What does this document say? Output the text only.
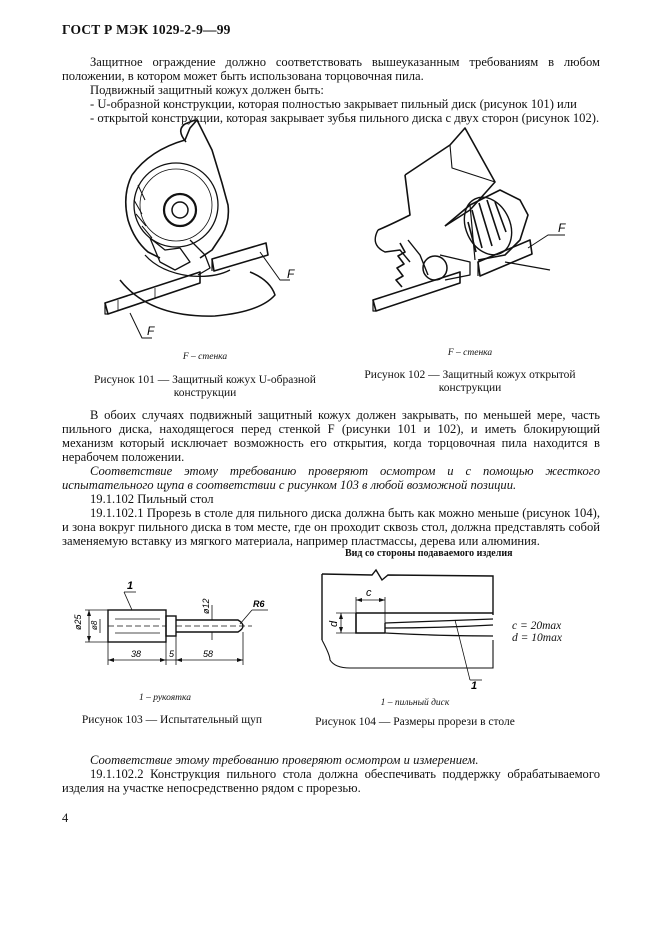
ГОСТ Р МЭК 1029-2-9—99

Защитное ограждение должно соответствовать вышеуказанным требованиям в любом положении, в котором может быть использована торцовочная пила.

Подвижный защитный кожух должен быть:

- U-образной конструкции, которая полностью закрывает пильный диск (рисунок 101) или

- открытой конструкции, которая закрывает зубья пильного диска с двух сторон (рисунок 102).

F
F
F
F – стенка	F – стенка
Рисунок 101 — Защитный кожух U-образной конструкции
Рисунок 102 — Защитный кожух открытой конструкции

В обоих случаях подвижный защитный кожух должен закрывать, по меньшей мере, часть пильного диска, находящегося перед стенкой F (рисунки 101 и 102), и иметь блокирующий механизм который исключает возможность его открытия, когда торцовочная пила находится в нерабочем положении.

Соответствие этому требованию проверяют осмотром и с помощью жесткого испытательного щупа в соответствии с рисунком 103 в любой возможной позиции.

19.1.102 Пильный стол

19.1.102.1 Прорезь в столе для пильного диска должна быть как можно меньше (рисунок 104), и зона вокруг пильного диска в том месте, где он проходит сквозь стол, должна представлять собой заменяемую вставку из мягкого материала, например пластмассы, дерева или алюминия.

ø25 ø8
ø12	R6
38	5	58
1
Вид со стороны подаваемого изделия
c
d
1
c = 20max
d = 10max
1 – рукоятка	1 – пильный диск
Рисунок 103 — Испытательный щуп	Рисунок 104 — Размеры прорези в столе

Соответствие этому требованию проверяют осмотром и измерением.

19.1.102.2 Конструкция пильного стола должна обеспечивать поддержку обрабатываемого изделия на участке непосредственно рядом с прорезью.

4
